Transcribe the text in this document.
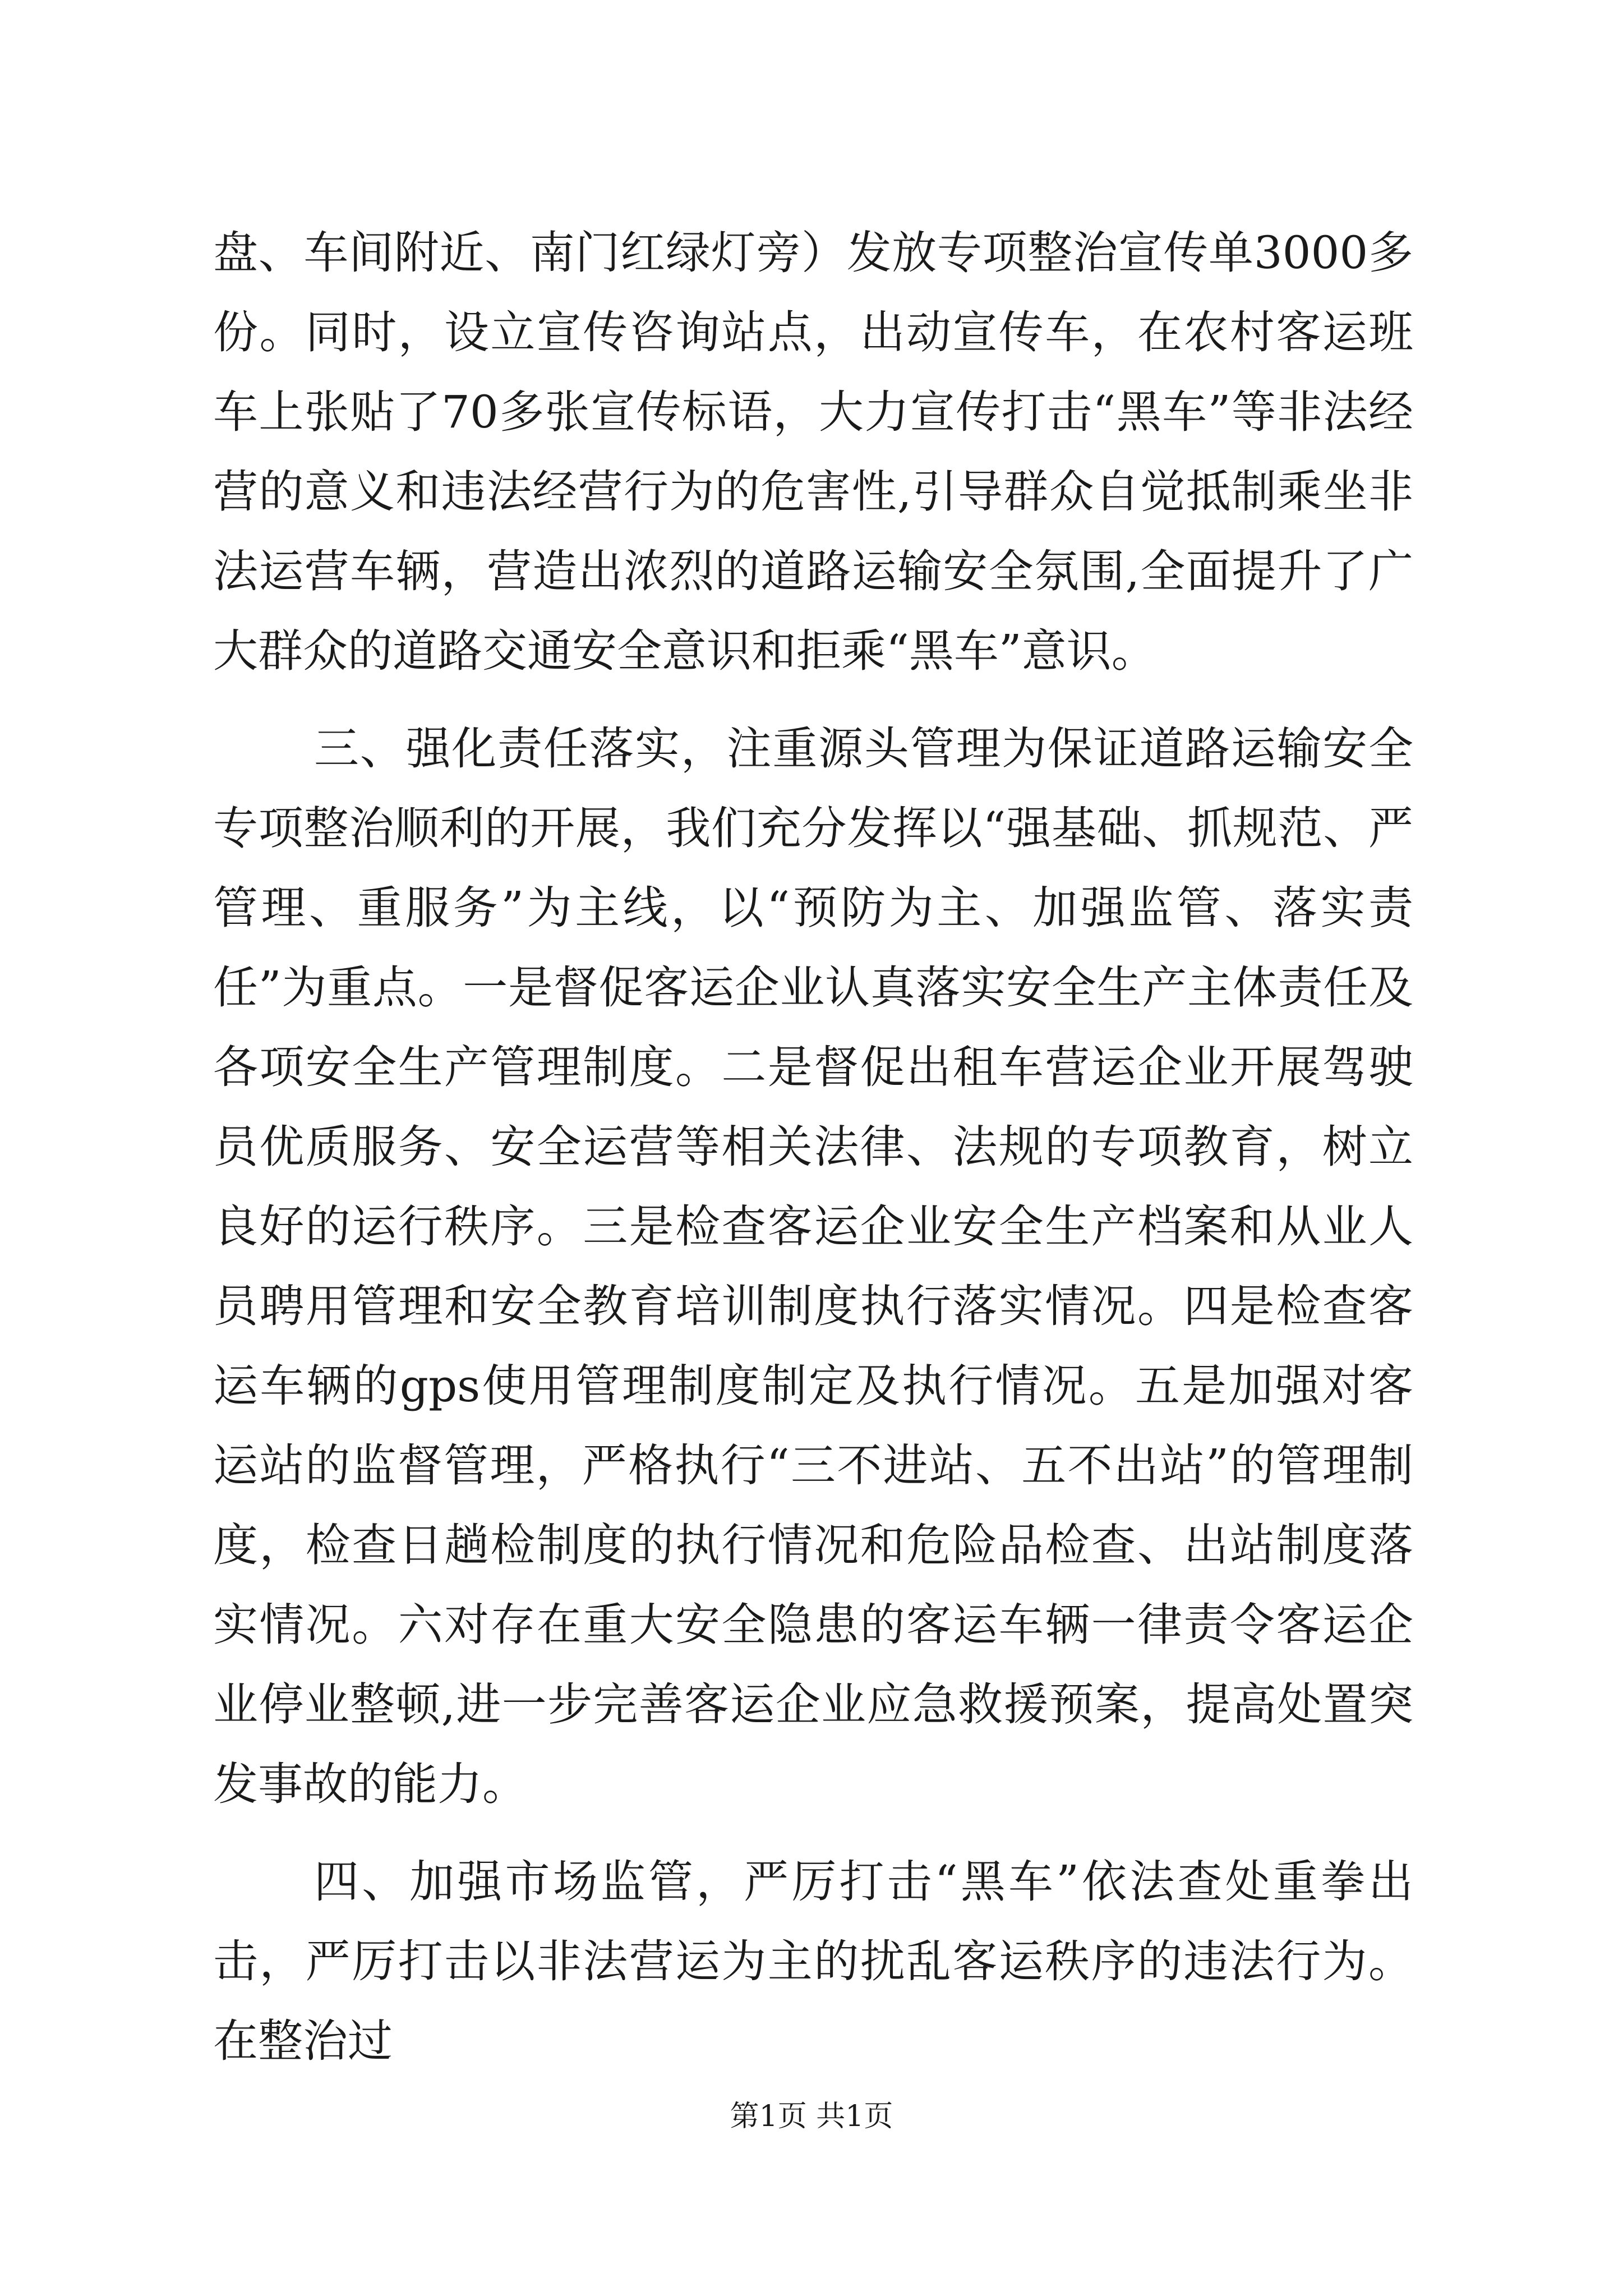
盘、车间附近、南门红绿灯旁）发放专项整治宣传单3000多份。同时，设立宣传咨询站点，出动宣传车，在农村客运班车上张贴了70多张宣传标语，大力宣传打击“黑车”等非法经营的意义和违法经营行为的危害性,引导群众自觉抵制乘坐非法运营车辆，营造出浓烈的道路运输安全氛围,全面提升了广大群众的道路交通安全意识和拒乘“黑车”意识。

三、强化责任落实，注重源头管理为保证道路运输安全专项整治顺利的开展，我们充分发挥以“强基础、抓规范、严管理、重服务”为主线，以“预防为主、加强监管、落实责任”为重点。一是督促客运企业认真落实安全生产主体责任及各项安全生产管理制度。二是督促出租车营运企业开展驾驶员优质服务、安全运营等相关法律、法规的专项教育，树立良好的运行秩序。三是检查客运企业安全生产档案和从业人员聘用管理和安全教育培训制度执行落实情况。四是检查客运车辆的gps使用管理制度制定及执行情况。五是加强对客运站的监督管理，严格执行“三不进站、五不出站”的管理制度，检查日趟检制度的执行情况和危险品检查、出站制度落实情况。六对存在重大安全隐患的客运车辆一律责令客运企业停业整顿,进一步完善客运企业应急救援预案，提高处置突发事故的能力。

四、加强市场监管，严厉打击“黑车”依法查处重拳出击，严厉打击以非法营运为主的扰乱客运秩序的违法行为。在整治过

第1页 共1页
